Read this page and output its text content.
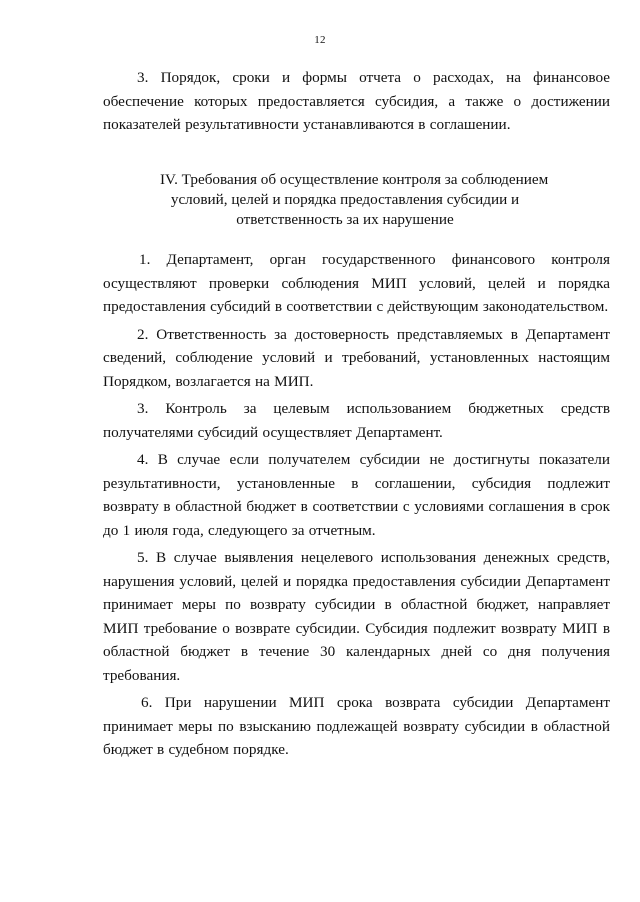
12
3. Порядок, сроки и формы отчета о расходах, на финансовое обеспечение которых предоставляется субсидия, а также о достижении показателей результативности устанавливаются в соглашении.
IV. Требования об осуществление контроля за соблюдением
условий, целей и порядка предоставления субсидии и
ответственность за их нарушение

1. Департамент, орган государственного финансового контроля осуществляют проверки соблюдения МИП условий, целей и порядка предоставления субсидий в соответствии с действующим законодательством.

2. Ответственность за достоверность представляемых в Департамент сведений, соблюдение условий и требований, установленных настоящим Порядком, возлагается на МИП.

3. Контроль за целевым использованием бюджетных средств получателями субсидий осуществляет Департамент.

4. В случае если получателем субсидии не достигнуты показатели результативности, установленные в соглашении, субсидия подлежит возврату в областной бюджет в соответствии с условиями соглашения в срок до 1 июля года, следующего за отчетным.

5. В случае выявления нецелевого использования денежных средств, нарушения условий, целей и порядка предоставления субсидии Департамент принимает меры по возврату субсидии в областной бюджет, направляет МИП требование о возврате субсидии. Субсидия подлежит возврату МИП в областной бюджет в течение 30 календарных дней со дня получения требования.

6. При нарушении МИП срока возврата субсидии Департамент принимает меры по взысканию подлежащей возврату субсидии в областной бюджет в судебном порядке.
